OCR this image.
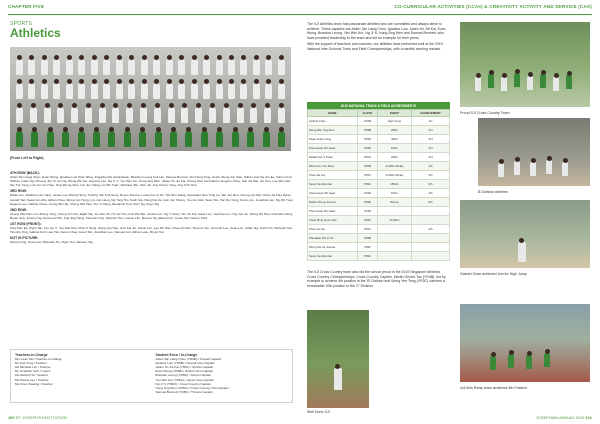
CHAPTER FIVE	CO-CURRICULAR ACTIVITIES (CCAs) & CREATIVITY ACTIVITY AND SERVICE (CAS)
SPORTS
Athletics
(From Left to Right)

4TH ROW (BACK):

Aiden Tan Liang Chen, Evan Wong, Ignatius Low Shen Rhey, Pugazhenthi Janardanan, Brandon Leong Kok Lim, Samuel Bennett, Tan Heng Tong, Kelvin Wong Jun Xian, Adrian Joel Ng Jun Ee, Darren Koh Shihao, Isaac Ng, Cheung Jun Xi, Ian Ng, Wong Zhi Jun, Aloysius Lee, Ng Ji Yi, Yeo Wei Jun, Hong Jing Wen, Jaden Ho Jie Kai, Chong Wen Kai Gabriel, Eugene Choo, Koh Jia Wei, Ian Neo, Lau Wei Jian, Tay Tze Yang, Luis Lim Jun Hao, Ong Zheng Xian, Lim Jun Xiang, Lin Zhi Xuan, Nicholas Tan, Wen Jie, Ang Choon Yang, Ang Chin Hao

3RD ROW:

Ethan Lim, Matthew Lim Yang, James Lee Zheng Hong, Timothy Tan Kok Seng, Royce Pereira, Lucas Foo Ji Jie, Tan Shu Xiang, Alexander Neo Yong Le, Tan Jun Ren, Chong Jun Wei, Chan Jia Hao Dylan, Gerald Yap, Kwek Jun Zhe, Ethan Chua, Wong Jun Hong, Lim Jun Liang, Ng Yong Hui, Keith Sia, Pang Kai Jie, Goh Jun Sheng, Yeo Jun Wei, Sean Tan, Tan Rui Yang, Kenny Liu, Jonathan Lim, Ng Zhi Yuan, Eugene Lee, Nathan Chew, Leong Wei Jie, Cheng Wei Hao, Teo Yi Xiang, Benjamin Koh, Alvin Ng, Ryan Tay

2ND ROW:

Cheng Wei Hao, Lim Zheng Yang, Chong Jun Kai, Elijah Tan, Liu Wei Jie, Ho Jun Hui, Koh Zhi Wei, Jordan Lim, Ng Yi Xuan, Teo Jin Kai, Isaac Lee, Yap Kai Lun, Ong Jun Jie, Wong Shi Hao, Chia Wei Kang, Bryan Goh, Jeremy Ng, Desmond Toh, Ang Jing Heng, Kenneth Ong, Sherwin Tan, Lincoln Lim, Marcus Ng, Ethan Koh, Lucas Tan, Darren Chia

1ST ROW (FRONT):

Ong Kian Ee, Ryan Tan, Lim Jie Yi, Yeo Wei Kiat, Chia Yi Heng, Wong Jun Hao, Goh Kai Jie, Kelvin Lim, Lee Zhi Hao, Chua Jin Wei, Terence Teo, Kenneth Lee, Sean Lim, Julian Ng, Justin Ho, Nicholas Sim, Timothy Ong, Gabriel Koh, Ivan Tan, Aaron Chua, Jared Tan, Jonathan Lee, Samuel Lim, Ethan Loke, Bryan Tan

NOT IN PICTURE:

Darren Ong, Kevin Lau, Brandon Ho, Ryan Teo, Samuel Yap

Teachers-in-Charge
Mr Lucas Tan / Teacher-in-Charge
Mr Joel Chng / Teacher
Ms Michelle Lim / Teacher
Mr Jonathan Goh / Coach
Ms Rachel Ho / Teacher
Ms Hanna Lee / Teacher
Ms Chen Xiaoling / Teacher
Student Exco / In-Charge
Aiden Tan Liang Chen (YR6M) / Overall Captain
Ignatius Low (YR5B) / Overall Vice-Captain
Jaden Ho Jie Kai (YR6L) / Sprints Captain
Evan Wong (YR6B) / Sprints Vice-Captain
Brandon Leong (YR5D) / Jumps Captain
Yeo Wei Jun (YR6A) / Jumps Vice-Captain
Ng Ji Yi (YR6C) / Cross Country Captain
Hong Jing Wen (YR5G) / Cross Country Vice-Captain
Samuel Bennett (YR6K) / Throws Captain

The SJI Athletics team has passionate athletes who are committed and always strive to achieve. These captains are Aiden Tan Liang Chen, Ignatius Low, Jaden Ho Jie Kai, Evan Wong, Brandon Leong, Yeo Wei Jun, Ng Ji Yi, Hong Jing Wen and Samuel Bennett, who have provided leadership to the team and set an example for their peers.

With the support of teachers and coaches, our athletes have performed well at the 2019 National Inter-Schools Track and Field Championships, with a handful winning medals.

2019 NATIONAL TRACK & FIELD ACHIEVEMENTS
NAME	CLASS	EVENT	ACHIEVEMENT
Gabriel Chan	YR4B	High Jump	1st
Wong Wei Ting Dion	YR5B	200m	3rd
Riyan Arden Tang	YR5D	400m	3rd
Phua Guan Zhi Isaac	YR4D	100m	3rd
Rafael Tan Ji Kwan	YR6G	200m	3rd
Ethan Lim Jun Shen	YR6B	4x100m Relay	4th
Chua Jia Jun	YR5C	4x100m Relay	4th
Seow Yao Ren Ian	YR6A	1500m	6th
Chua Guan Zhi Isaac	YR4D	100m	4th
Robert Wong Jun Kai	YR6E	Discus	6th
Phua Guan Zhi Isaac	YR4D		
Chew Ming Xuan Kyle	YR5C	4x100m	
Phua Jiu Jun	YR5C		4th
Phenakar Teh Zi Jin	YR5B		
Wong Kai Jie Joshua	YR6F		
Seow Yao Ren Ian	YR6A		
The SJI Cross Country team also did the school proud in the 2019 Singapore Athletics Cross Country Championships. Cross Country Captain, Martin Gerard Tan (YR4B), led by example to achieve 4th position in the 'B' Division and Wong Yen Teng (YR3C) clinched a remarkable 10th position in the 'C' Division.
Proud SJI Cross Country Team
B Division Athletes
Gabriel Chan achieved 2nd for High Jump
Well Done SJI
4x100m Relay team achieved 4th Position
100 ST. JOSEPH'S INSTITUTION	JOSEPHIAN ANNUAL 2019 101
